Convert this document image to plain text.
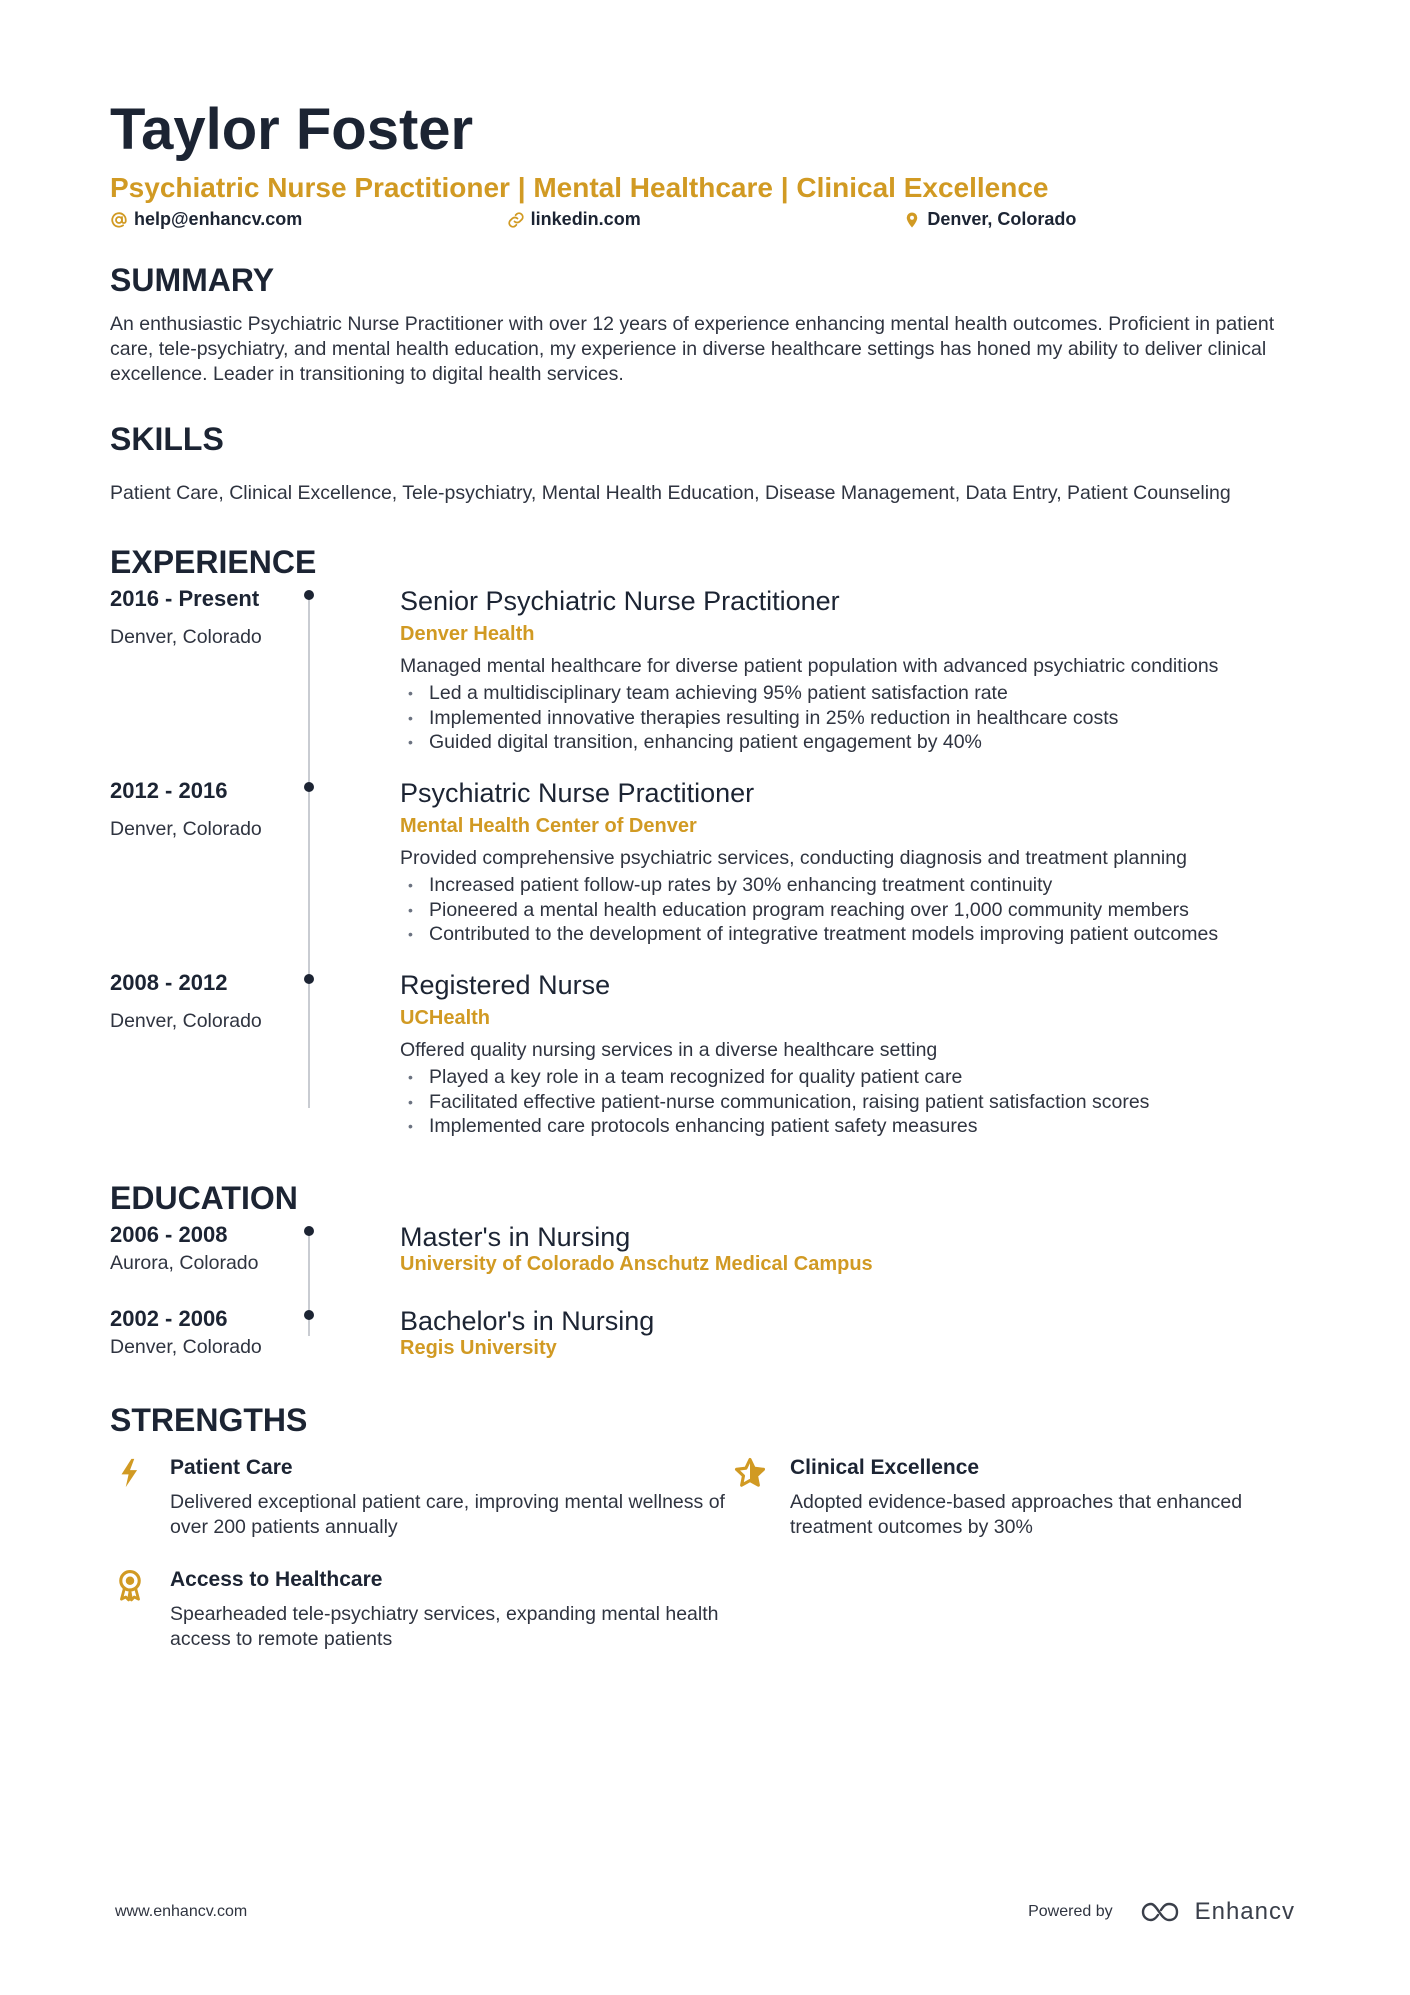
Taylor Foster
Psychiatric Nurse Practitioner | Mental Healthcare | Clinical Excellence
help@enhancv.com	linkedin.com	Denver, Colorado
SUMMARY
An enthusiastic Psychiatric Nurse Practitioner with over 12 years of experience enhancing mental health outcomes. Proficient in patient care, tele-psychiatry, and mental health education, my experience in diverse healthcare settings has honed my ability to deliver clinical excellence. Leader in transitioning to digital health services.
SKILLS
Patient Care, Clinical Excellence, Tele-psychiatry, Mental Health Education, Disease Management, Data Entry, Patient Counseling
EXPERIENCE
2016 - Present
Denver, Colorado
Senior Psychiatric Nurse Practitioner
Denver Health
Managed mental healthcare for diverse patient population with advanced psychiatric conditions
• Led a multidisciplinary team achieving 95% patient satisfaction rate
• Implemented innovative therapies resulting in 25% reduction in healthcare costs
• Guided digital transition, enhancing patient engagement by 40%
2012 - 2016
Denver, Colorado
Psychiatric Nurse Practitioner
Mental Health Center of Denver
Provided comprehensive psychiatric services, conducting diagnosis and treatment planning
• Increased patient follow-up rates by 30% enhancing treatment continuity
• Pioneered a mental health education program reaching over 1,000 community members
• Contributed to the development of integrative treatment models improving patient outcomes
2008 - 2012
Denver, Colorado
Registered Nurse
UCHealth
Offered quality nursing services in a diverse healthcare setting
• Played a key role in a team recognized for quality patient care
• Facilitated effective patient-nurse communication, raising patient satisfaction scores
• Implemented care protocols enhancing patient safety measures
EDUCATION
2006 - 2008
Aurora, Colorado
Master's in Nursing
University of Colorado Anschutz Medical Campus
2002 - 2006
Denver, Colorado
Bachelor's in Nursing
Regis University
STRENGTHS
Patient Care
Delivered exceptional patient care, improving mental wellness of over 200 patients annually
Clinical Excellence
Adopted evidence-based approaches that enhanced treatment outcomes by 30%
Access to Healthcare
Spearheaded tele-psychiatry services, expanding mental health access to remote patients
www.enhancv.com	Powered by	Enhancv
